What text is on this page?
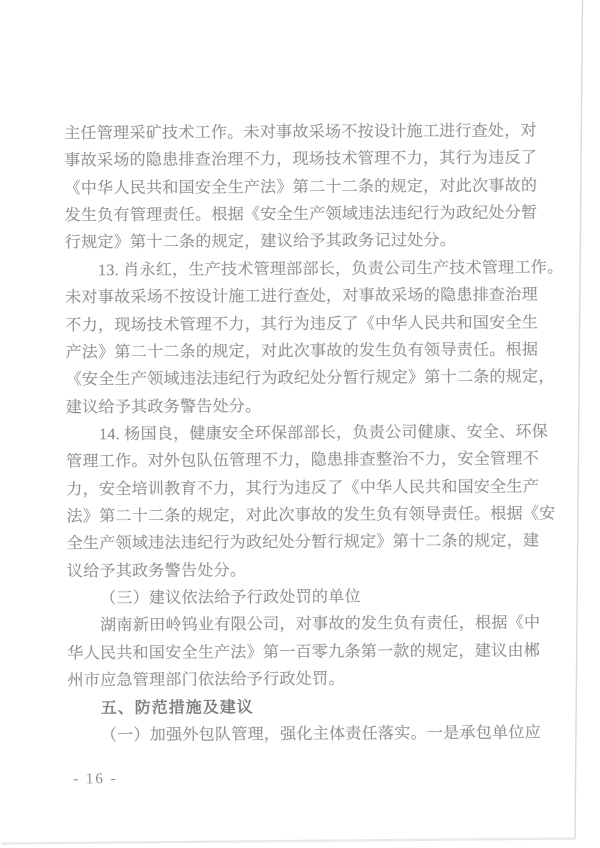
主任管理采矿技术工作。未对事故采场不按设计施工进行查处，对
事故采场的隐患排查治理不力，现场技术管理不力，其行为违反了
《中华人民共和国安全生产法》第二十二条的规定，对此次事故的
发生负有管理责任。根据《安全生产领域违法违纪行为政纪处分暂
行规定》第十二条的规定，建议给予其政务记过处分。
13. 肖永红，生产技术管理部部长，负责公司生产技术管理工作。
未对事故采场不按设计施工进行查处，对事故采场的隐患排查治理
不力，现场技术管理不力，其行为违反了《中华人民共和国安全生
产法》第二十二条的规定，对此次事故的发生负有领导责任。根据
《安全生产领域违法违纪行为政纪处分暂行规定》第十二条的规定，
建议给予其政务警告处分。
14. 杨国良，健康安全环保部部长，负责公司健康、安全、环保
管理工作。对外包队伍管理不力，隐患排查整治不力，安全管理不
力，安全培训教育不力，其行为违反了《中华人民共和国安全生产
法》第二十二条的规定，对此次事故的发生负有领导责任。根据《安
全生产领域违法违纪行为政纪处分暂行规定》第十二条的规定，建
议给予其政务警告处分。
（三）建议依法给予行政处罚的单位
湖南新田岭钨业有限公司，对事故的发生负有责任，根据《中
华人民共和国安全生产法》第一百零九条第一款的规定，建议由郴
州市应急管理部门依法给予行政处罚。
五、防范措施及建议
（一）加强外包队管理，强化主体责任落实。一是承包单位应
- 16 -
